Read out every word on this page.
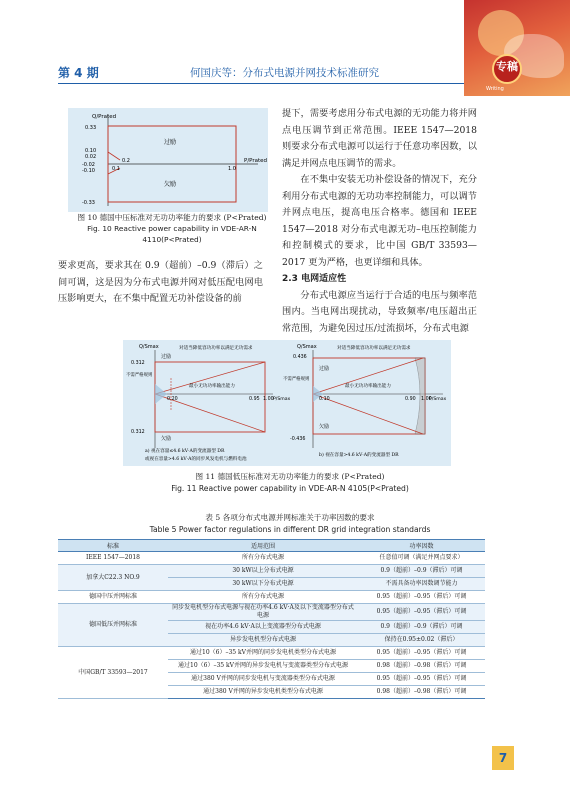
第 4 期	何国庆等：分布式电源并网技术标准研究	专稿
Writing
Q/Prated
P/Prated
0.33
0.10
0.02
-0.02
-0.10
-0.33
0.1
0.2
1.0
过励
欠励
图 10 德国中压标准对无功功率能力的要求 (P<Prated)
Fig. 10 Reactive power capability in VDE-AR-N 4110(P<Prated)

要求更高，要求其在 0.9（超前）–0.9（滞后）之间可调，这是因为分布式电源并网对低压配电网电压影响更大，在不集中配置无功补偿设备的前

提下，需要考虑用分布式电源的无功能力将并网点电压调节到正常范围。IEEE 1547—2018 则要求分布式电源可以运行于任意功率因数，以满足并网点电压调节的需求。

在不集中安装无功补偿设备的情况下，充分利用分布式电源的无功功率控制能力，可以调节并网点电压，提高电压合格率。德国和 IEEE 1547—2018 对分布式电源无功–电压控制能力和控制模式的要求，比中国 GB/T 33593—2017 更为严格，也更详细和具体。

2.3 电网适应性

分布式电源应当运行于合适的电压与频率范围内。当电网出现扰动，导致频率/电压超出正常范围，为避免因过压/过流损坏，分布式电源

Q/Smax	对适当降低容功功率以满足无功需求
过励
不需严格规则
最小无功功率输出能力
0.312
0.312
0.20	0.95 1.00 P/Smax
欠励
a) 视在容量≤4.6 kV·A的变流器型 DR
或视在容量>4.6 kV·A的同步风发电机与燃料电池
Q/Smax	对适当降低容功功率以满足无功需求
过励
不需严格规则
最小无功功率输出能力
0.436
-0.436
0.10	0.90 1.00
P/Smax
欠励
b) 视在容量>4.6 kV·A的变流器型 DR
图 11 德国低压标准对无功功率能力的要求 (P<Prated)
Fig. 11 Reactive power capability in VDE-AR-N 4105(P<Prated)
表 5 各项分布式电源并网标准关于功率因数的要求
Table 5 Power factor regulations in different DR grid integration standards
标准	适用范围	功率因数
IEEE 1547—2018	所有分布式电源	任意值可调（满足并网点要求）
加拿大C22.3 NO.9	30 kW以上分布式电源	0.9（超前）–0.9（滞后）可调
	30 kW以下分布式电源	不需具备功率因数调节能力
德国中压并网标准	所有分布式电源	0.95（超前）–0.95（滞后）可调
德国低压并网标准	同步发电机型分布式电源与视在功率4.6 kV·A及以下变流器型分布式电源	0.95（超前）–0.95（滞后）可调
	视在功率4.6 kV·A以上变流器型分布式电源	0.9（超前）–0.9（滞后）可调
	异步发电机型分布式电源	保持在0.95±0.02（滞后）
中国GB/T 33593—2017	通过10（6）–35 kV并网的同步发电机类型分布式电源	0.95（超前）–0.95（滞后）可调
	通过10（6）–35 kV并网的异步发电机与变流器类型分布式电源	0.98（超前）–0.98（滞后）可调
	通过380 V并网的同步发电机与变流器类型分布式电源	0.95（超前）–0.95（滞后）可调
	通过380 V并网的异步发电机类型分布式电源	0.98（超前）–0.98（滞后）可调
7
